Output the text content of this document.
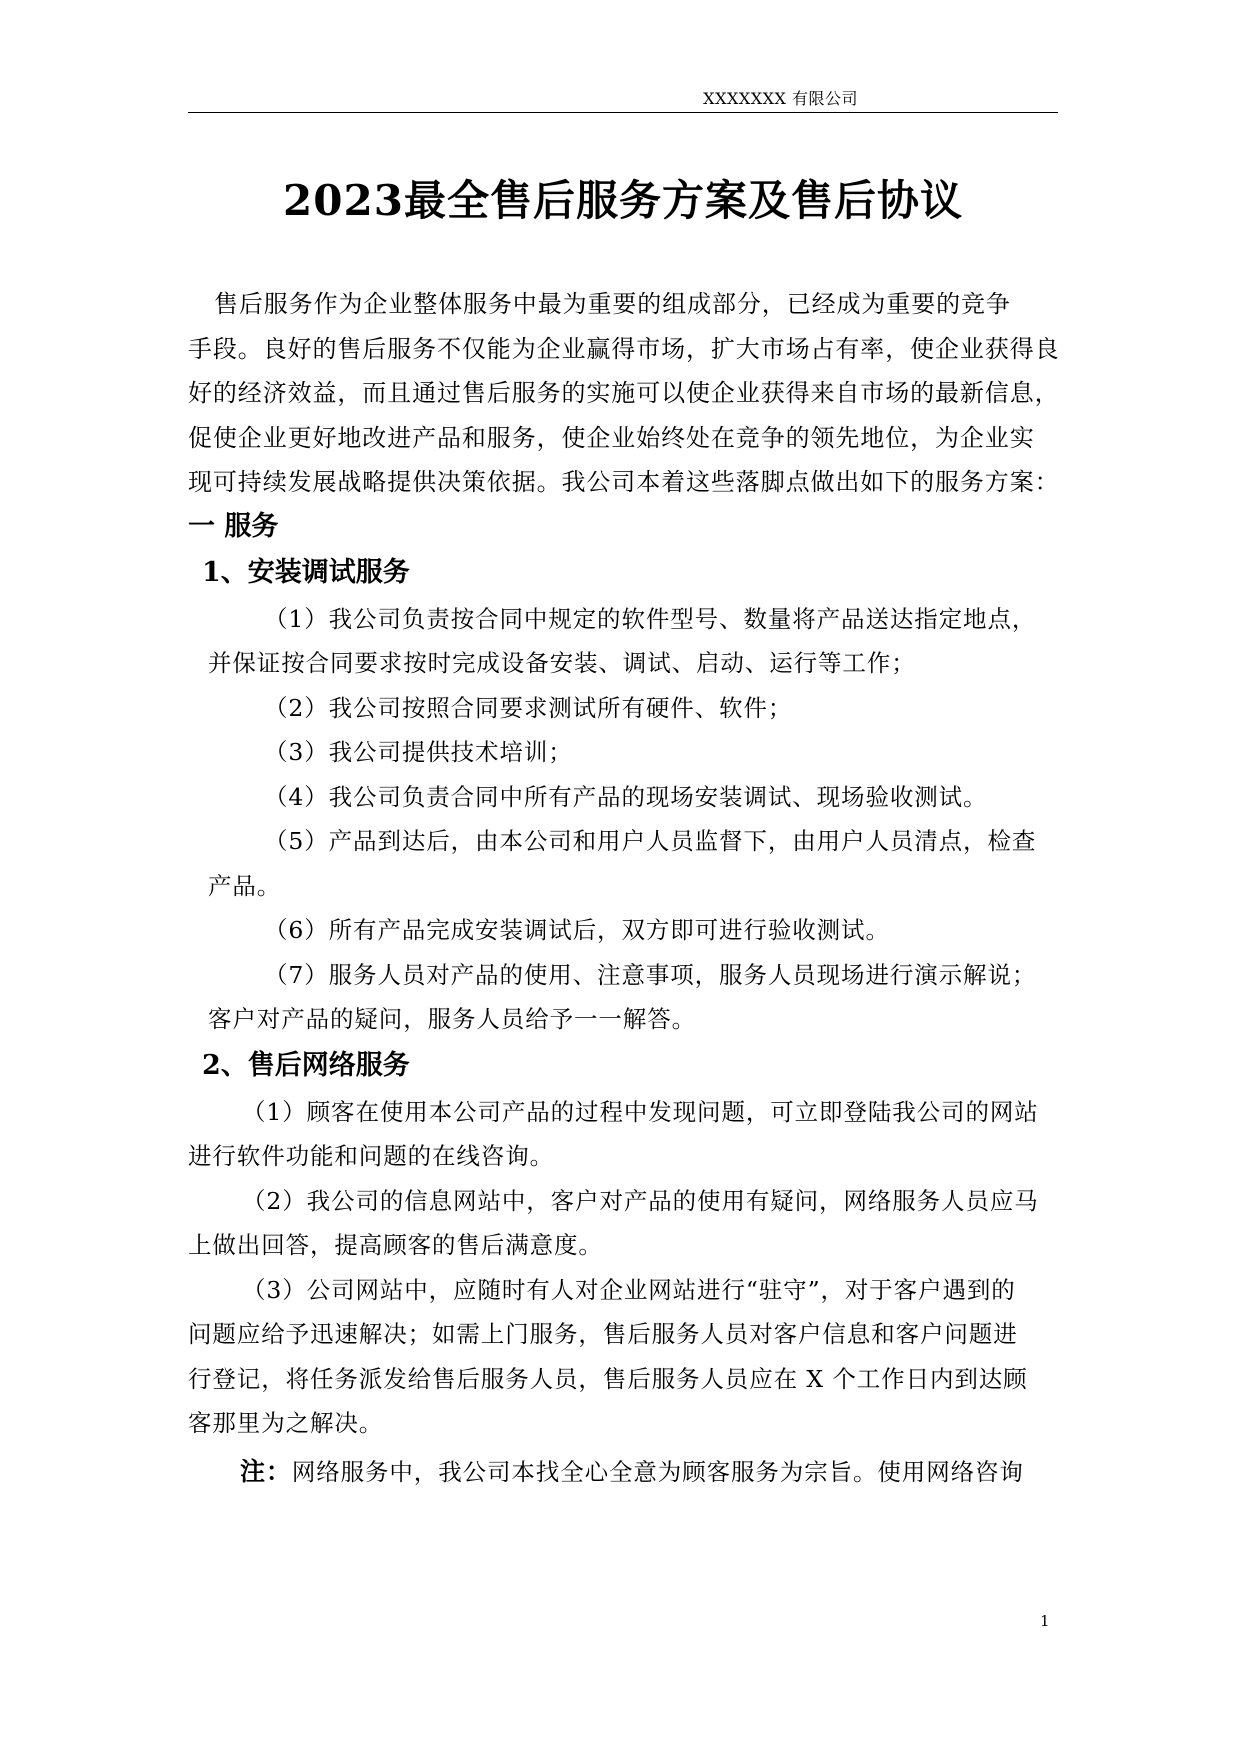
XXXXXXX 有限公司
2023最全售后服务方案及售后协议

售后服务作为企业整体服务中最为重要的组成部分，已经成为重要的竞争

手段。良好的售后服务不仅能为企业赢得市场，扩大市场占有率，使企业获得良

好的经济效益，而且通过售后服务的实施可以使企业获得来自市场的最新信息，

促使企业更好地改进产品和服务，使企业始终处在竞争的领先地位，为企业实

现可持续发展战略提供决策依据。我公司本着这些落脚点做出如下的服务方案：

一 服务
1、安装调试服务

（1）我公司负责按合同中规定的软件型号、数量将产品送达指定地点，

并保证按合同要求按时完成设备安装、调试、启动、运行等工作；

（2）我公司按照合同要求测试所有硬件、软件；

（3）我公司提供技术培训；

（4）我公司负责合同中所有产品的现场安装调试、现场验收测试。

（5）产品到达后，由本公司和用户人员监督下，由用户人员清点，检查

产品。

（6）所有产品完成安装调试后，双方即可进行验收测试。

（7）服务人员对产品的使用、注意事项，服务人员现场进行演示解说；

客户对产品的疑问，服务人员给予一一解答。

2、售后网络服务

（1）顾客在使用本公司产品的过程中发现问题，可立即登陆我公司的网站

进行软件功能和问题的在线咨询。

（2）我公司的信息网站中，客户对产品的使用有疑问，网络服务人员应马

上做出回答，提高顾客的售后满意度。

（3）公司网站中，应随时有人对企业网站进行“驻守”，对于客户遇到的

问题应给予迅速解决；如需上门服务，售后服务人员对客户信息和客户问题进

行登记，将任务派发给售后服务人员，售后服务人员应在 X 个工作日内到达顾

客那里为之解决。

注：网络服务中，我公司本找全心全意为顾客服务为宗旨。使用网络咨询

1
